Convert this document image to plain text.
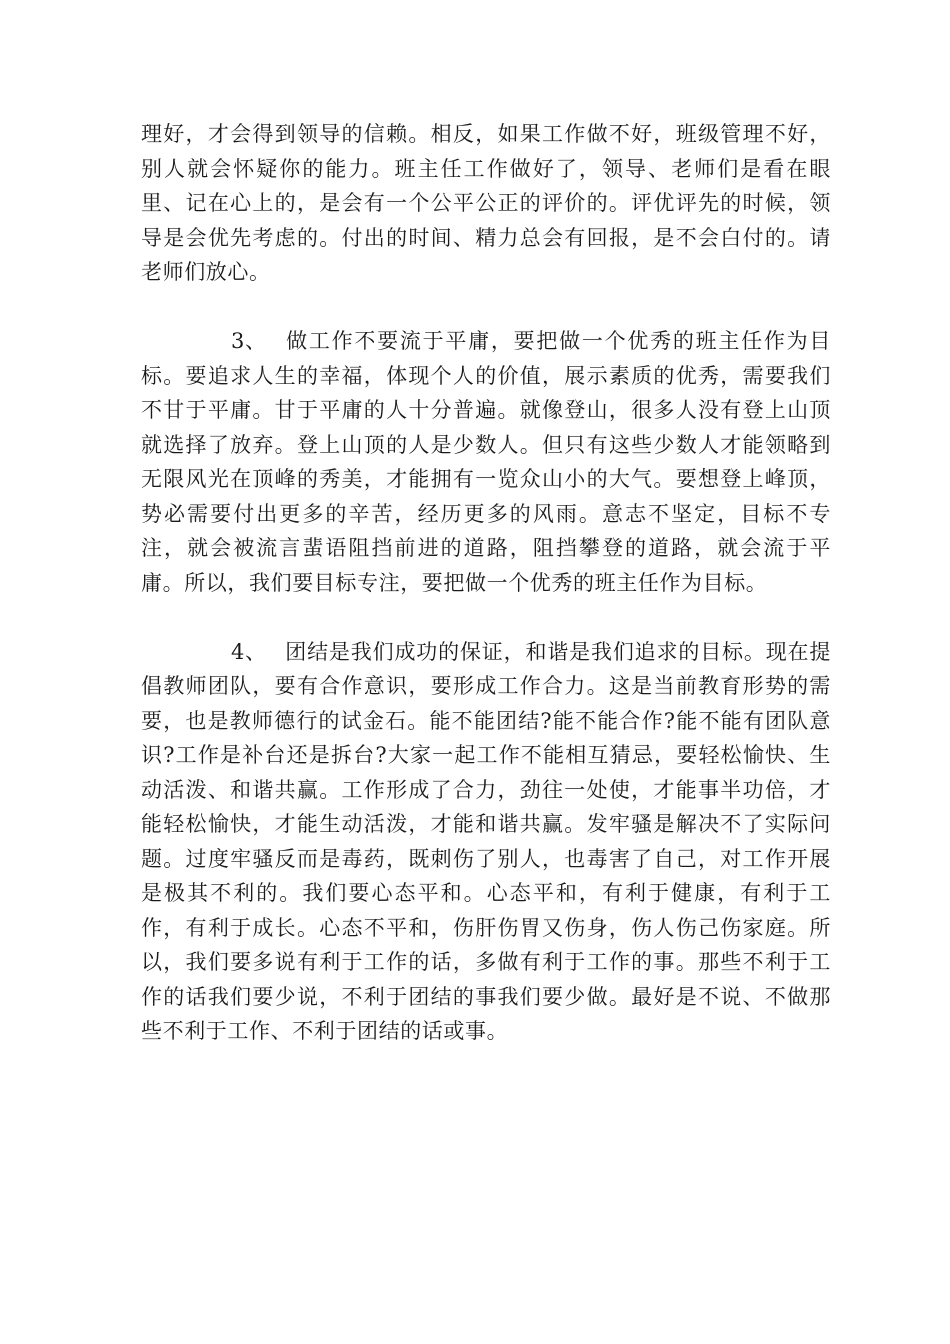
理好，才会得到领导的信赖。相反，如果工作做不好，班级管理不好，别人就会怀疑你的能力。班主任工作做好了，领导、老师们是看在眼里、记在心上的，是会有一个公平公正的评价的。评优评先的时候，领导是会优先考虑的。付出的时间、精力总会有回报，是不会白付的。请老师们放心。

3、 做工作不要流于平庸，要把做一个优秀的班主任作为目标。要追求人生的幸福，体现个人的价值，展示素质的优秀，需要我们不甘于平庸。甘于平庸的人十分普遍。就像登山，很多人没有登上山顶就选择了放弃。登上山顶的人是少数人。但只有这些少数人才能领略到无限风光在顶峰的秀美，才能拥有一览众山小的大气。要想登上峰顶，势必需要付出更多的辛苦，经历更多的风雨。意志不坚定，目标不专注，就会被流言蜚语阻挡前进的道路，阻挡攀登的道路，就会流于平庸。所以，我们要目标专注，要把做一个优秀的班主任作为目标。

4、 团结是我们成功的保证，和谐是我们追求的目标。现在提倡教师团队，要有合作意识，要形成工作合力。这是当前教育形势的需要，也是教师德行的试金石。能不能团结?能不能合作?能不能有团队意识?工作是补台还是拆台?大家一起工作不能相互猜忌，要轻松愉快、生动活泼、和谐共赢。工作形成了合力，劲往一处使，才能事半功倍，才能轻松愉快，才能生动活泼，才能和谐共赢。发牢骚是解决不了实际问题。过度牢骚反而是毒药，既刺伤了别人，也毒害了自己，对工作开展是极其不利的。我们要心态平和。心态平和，有利于健康，有利于工作，有利于成长。心态不平和，伤肝伤胃又伤身，伤人伤己伤家庭。所以，我们要多说有利于工作的话，多做有利于工作的事。那些不利于工作的话我们要少说，不利于团结的事我们要少做。最好是不说、不做那些不利于工作、不利于团结的话或事。
